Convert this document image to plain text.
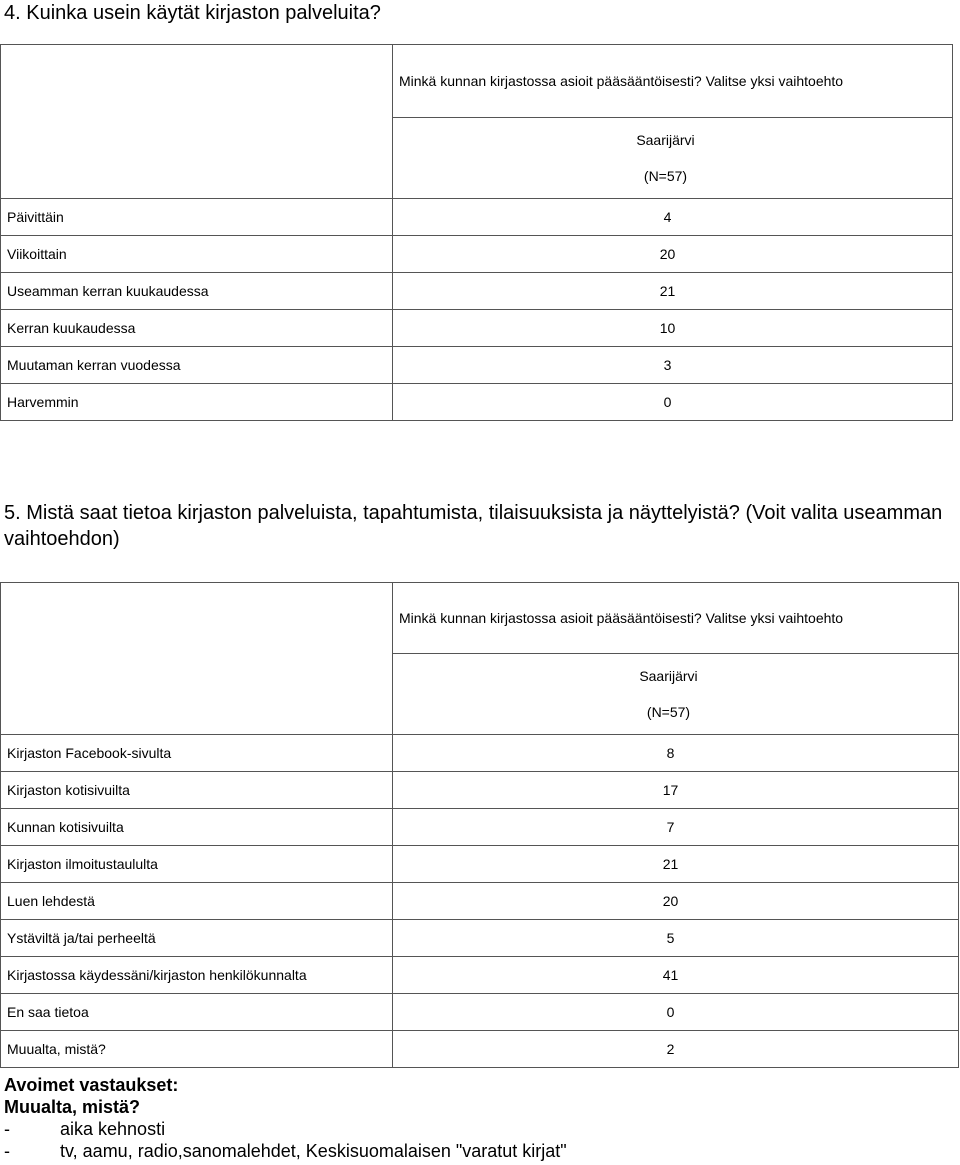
4. Kuinka usein käytät kirjaston palveluita?
	Minkä kunnan kirjastossa asioit pääsääntöisesti? Valitse yksi vaihtoehto

	Saarijärvi
(N=57)

Päivittäin	4
Viikoittain	20
Useamman kerran kuukaudessa	21
Kerran kuukaudessa	10
Muutaman kerran vuodessa	3
Harvemmin	0
5. Mistä saat tietoa kirjaston palveluista, tapahtumista, tilaisuuksista ja näyttelyistä? (Voit valita useamman vaihtoehdon)
	Minkä kunnan kirjastossa asioit pääsääntöisesti? Valitse yksi vaihtoehto

	Saarijärvi
(N=57)

Kirjaston Facebook-sivulta	8
Kirjaston kotisivuilta	17
Kunnan kotisivuilta	7
Kirjaston ilmoitustaululta	21
Luen lehdestä	20
Ystäviltä ja/tai perheeltä	5
Kirjastossa käydessäni/kirjaston henkilökunnalta	41
En saa tietoa	0
Muualta, mistä?	2

Avoimet vastaukset:

Muualta, mistä?

-	aika kehnosti

-	tv, aamu, radio,sanomalehdet, Keskisuomalaisen "varatut kirjat"
